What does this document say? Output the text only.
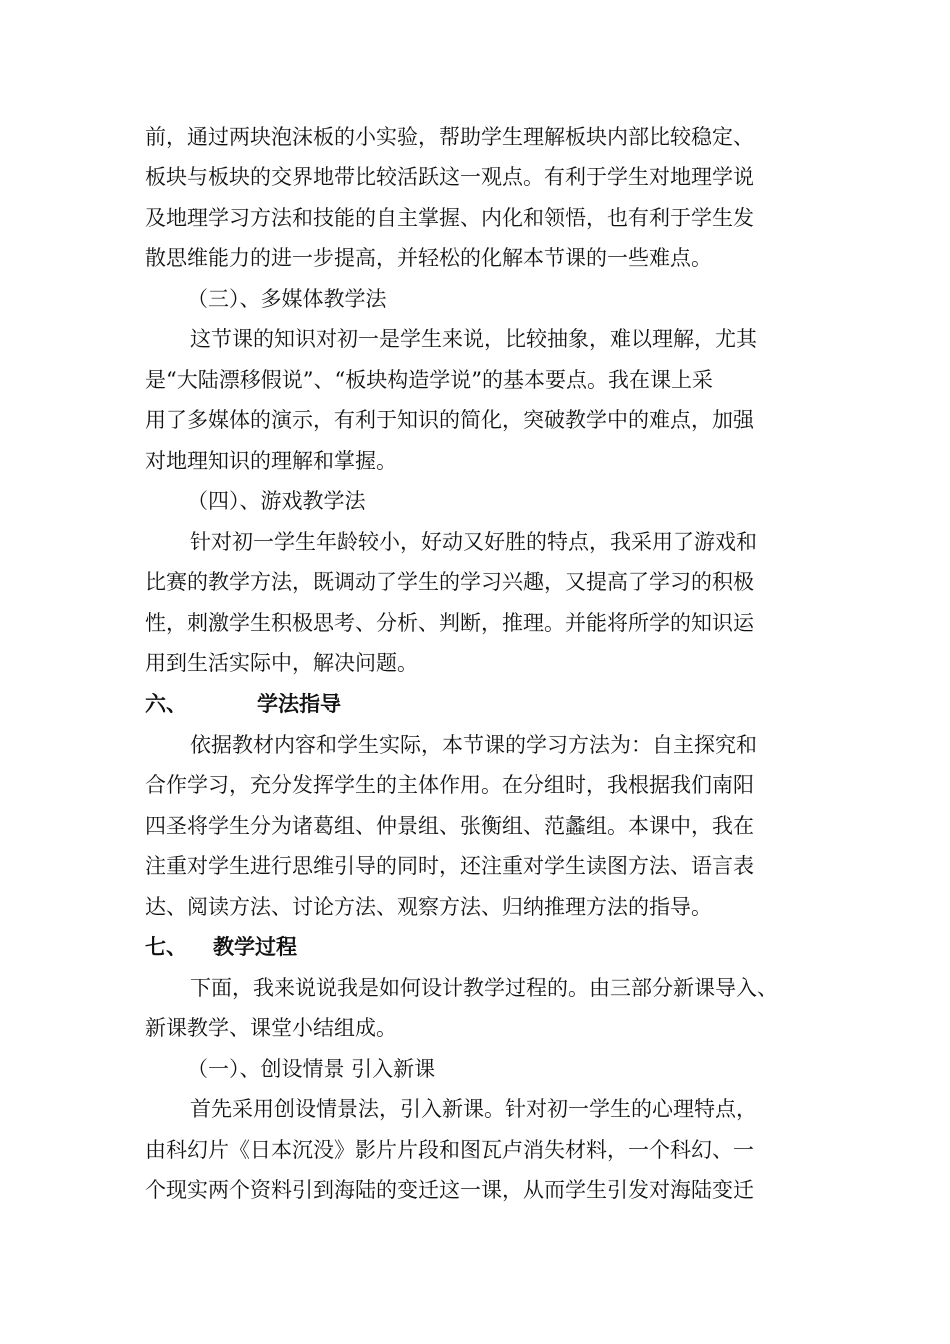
前，通过两块泡沫板的小实验，帮助学生理解板块内部比较稳定、
板块与板块的交界地带比较活跃这一观点。有利于学生对地理学说
及地理学习方法和技能的自主掌握、内化和领悟，也有利于学生发
散思维能力的进一步提高，并轻松的化解本节课的一些难点。
（三）、多媒体教学法
这节课的知识对初一是学生来说，比较抽象，难以理解，尤其
是“大陆漂移假说”、“板块构造学说”的基本要点。我在课上采
用了多媒体的演示，有利于知识的简化，突破教学中的难点，加强
对地理知识的理解和掌握。
（四）、游戏教学法
针对初一学生年龄较小，好动又好胜的特点，我采用了游戏和
比赛的教学方法，既调动了学生的学习兴趣，又提高了学习的积极
性，刺激学生积极思考、分析、判断，推理。并能将所学的知识运
用到生活实际中，解决问题。
六、	学法指导
依据教材内容和学生实际，本节课的学习方法为：自主探究和
合作学习，充分发挥学生的主体作用。在分组时，我根据我们南阳
四圣将学生分为诸葛组、仲景组、张衡组、范蠡组。本课中，我在
注重对学生进行思维引导的同时，还注重对学生读图方法、语言表
达、阅读方法、讨论方法、观察方法、归纳推理方法的指导。
七、 教学过程
下面，我来说说我是如何设计教学过程的。由三部分新课导入、
新课教学、课堂小结组成。
（一）、创设情景 引入新课
首先采用创设情景法，引入新课。针对初一学生的心理特点，
由科幻片《日本沉没》影片片段和图瓦卢消失材料，一个科幻、一
个现实两个资料引到海陆的变迁这一课，从而学生引发对海陆变迁
